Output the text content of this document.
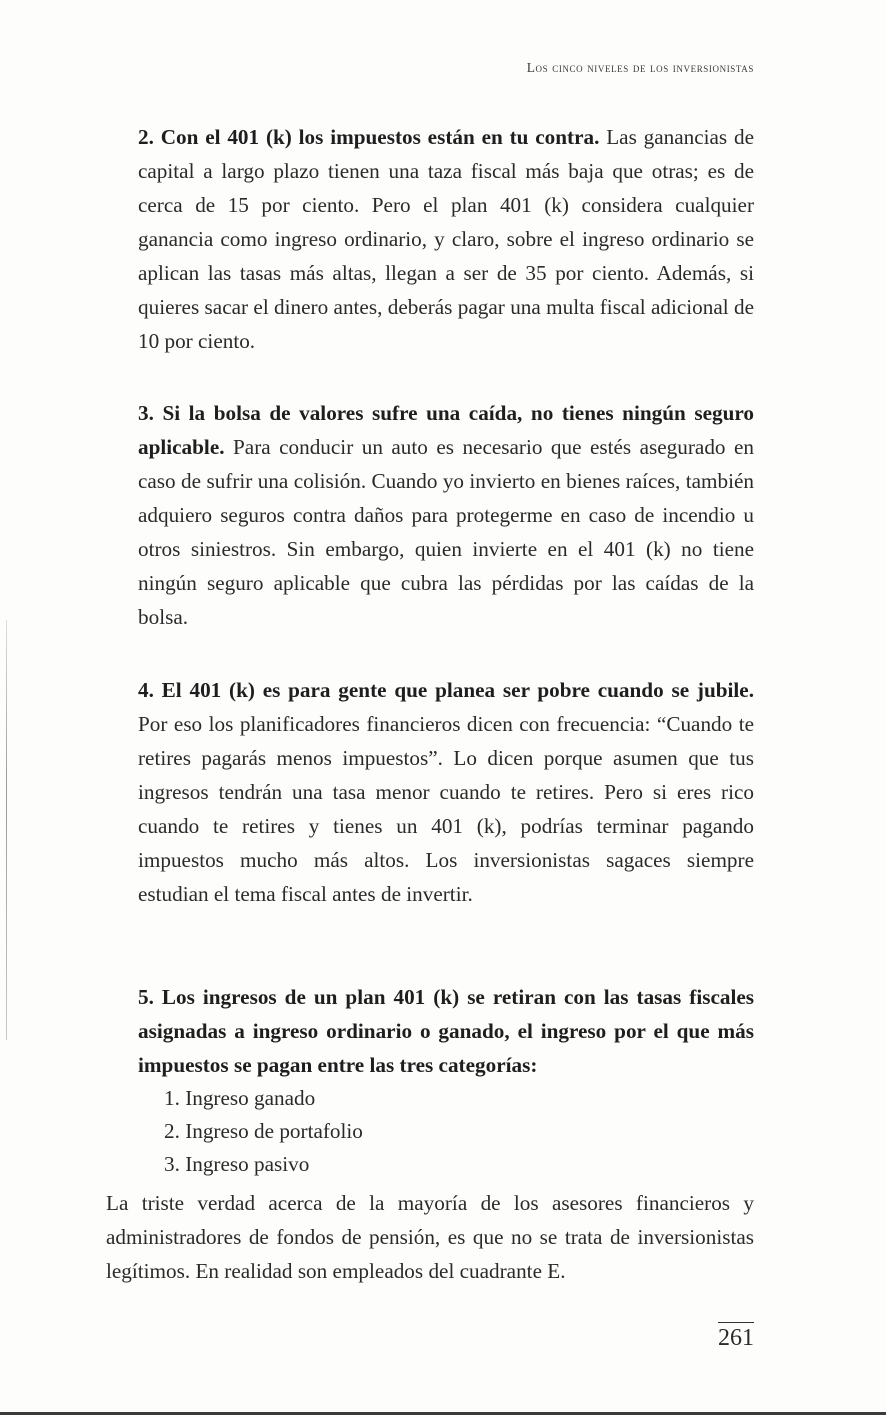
Los cinco niveles de los inversionistas

2. Con el 401 (k) los impuestos están en tu contra. Las ganancias de capital a largo plazo tienen una taza fiscal más baja que otras; es de cerca de 15 por ciento. Pero el plan 401 (k) considera cualquier ganancia como ingreso ordinario, y claro, sobre el ingreso ordinario se aplican las tasas más altas, llegan a ser de 35 por ciento. Además, si quieres sacar el dinero antes, deberás pagar una multa fiscal adicional de 10 por ciento.

3. Si la bolsa de valores sufre una caída, no tienes ningún seguro aplicable. Para conducir un auto es necesario que estés asegurado en caso de sufrir una colisión. Cuando yo invierto en bienes raíces, también adquiero seguros contra daños para protegerme en caso de incendio u otros siniestros. Sin embargo, quien invierte en el 401 (k) no tiene ningún seguro aplicable que cubra las pérdidas por las caídas de la bolsa.

4. El 401 (k) es para gente que planea ser pobre cuando se jubile. Por eso los planificadores financieros dicen con frecuencia: “Cuando te retires pagarás menos impuestos”. Lo dicen porque asumen que tus ingresos tendrán una tasa menor cuando te retires. Pero si eres rico cuando te retires y tienes un 401 (k), podrías terminar pagando impuestos mucho más altos. Los inversionistas sagaces siempre estudian el tema fiscal antes de invertir.

5. Los ingresos de un plan 401 (k) se retiran con las tasas fiscales asignadas a ingreso ordinario o ganado, el ingreso por el que más impuestos se pagan entre las tres categorías:

1. Ingreso ganado
2. Ingreso de portafolio
3. Ingreso pasivo

La triste verdad acerca de la mayoría de los asesores financieros y administradores de fondos de pensión, es que no se trata de inversionistas legítimos. En realidad son empleados del cuadrante E.

261
